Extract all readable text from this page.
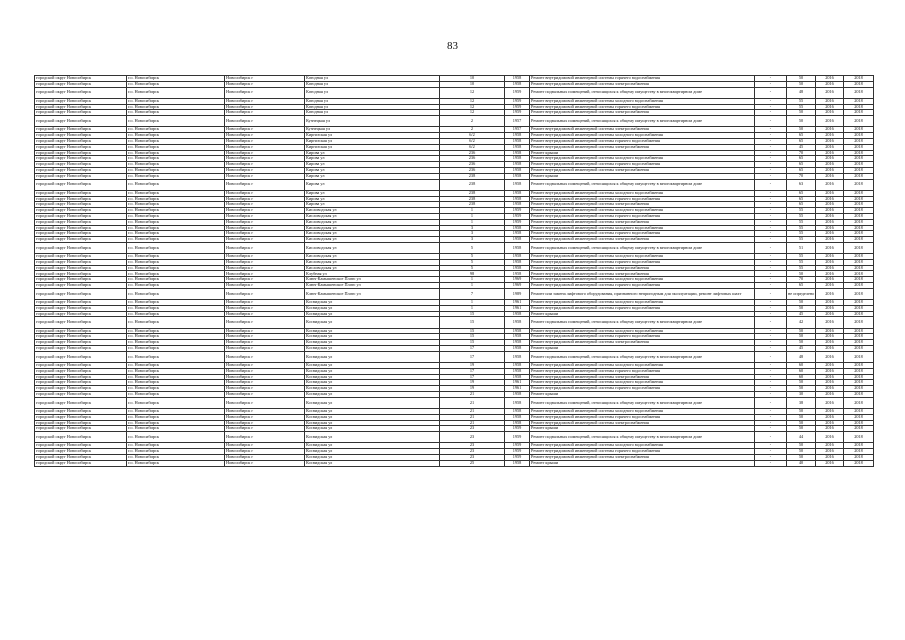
83
городской округ Новосибирск	г.о. Новосибирск	Новосибирск г	Катодная ул	10	1958	Ремонт внутридомовой инженерной системы горячего водоснабжения	-	50	2016	2018
городской округ Новосибирск	г.о. Новосибирск	Новосибирск г	Катодная ул	10	1958	Ремонт внутридомовой инженерной системы электроснабжения	-	50	2016	2018
городской округ Новосибирск	г.о. Новосибирск	Новосибирск г	Катодная ул	12	1959	Ремонт подвальных помещений, относящихся к общему имуществу в многоквартирном доме	-	48	2016	2018
городской округ Новосибирск	г.о. Новосибирск	Новосибирск г	Катодная ул	12	1959	Ремонт внутридомовой инженерной системы холодного водоснабжения	-	55	2016	2018
городской округ Новосибирск	г.о. Новосибирск	Новосибирск г	Катодная ул	12	1959	Ремонт внутридомовой инженерной системы горячего водоснабжения	-	55	2016	2018
городской округ Новосибирск	г.о. Новосибирск	Новосибирск г	Катодная ул	12	1959	Ремонт внутридомовой инженерной системы электроснабжения	-	50	2016	2018
городской округ Новосибирск	г.о. Новосибирск	Новосибирск г	Кузнецкая ул	2	1957	Ремонт подвальных помещений, относящихся к общему имуществу в многоквартирном доме	-	50	2016	2018
городской округ Новосибирск	г.о. Новосибирск	Новосибирск г	Кузнецкая ул	2	1957	Ремонт внутридомовой инженерной системы электроснабжения	-	50	2016	2018
городской округ Новосибирск	г.о. Новосибирск	Новосибирск г	Киргизская ул	6/2	1958	Ремонт внутридомовой инженерной системы холодного водоснабжения	-	65	2016	2018
городской округ Новосибирск	г.о. Новосибирск	Новосибирск г	Киргизская ул	6/2	1958	Ремонт внутридомовой инженерной системы горячего водоснабжения	-	65	2016	2018
городской округ Новосибирск	г.о. Новосибирск	Новосибирск г	Киргизская ул	6/2	1958	Ремонт внутридомовой инженерной системы электроснабжения	-	45	2016	2018
городской округ Новосибирск	г.о. Новосибирск	Новосибирск г	Кирова ул	236	1958	Ремонт крыши	-	70	2016	2018
городской округ Новосибирск	г.о. Новосибирск	Новосибирск г	Кирова ул	236	1958	Ремонт внутридомовой инженерной системы холодного водоснабжения	-	65	2016	2018
городской округ Новосибирск	г.о. Новосибирск	Новосибирск г	Кирова ул	236	1958	Ремонт внутридомовой инженерной системы горячего водоснабжения	-	65	2016	2018
городской округ Новосибирск	г.о. Новосибирск	Новосибирск г	Кирова ул	236	1958	Ремонт внутридомовой инженерной системы электроснабжения	-	65	2016	2018
городской округ Новосибирск	г.о. Новосибирск	Новосибирск г	Кирова ул	238	1958	Ремонт крыши	-	70	2016	2018
городской округ Новосибирск	г.о. Новосибирск	Новосибирск г	Кирова ул	238	1958	Ремонт подвальных помещений, относящихся к общему имуществу в многоквартирном доме	-	63	2016	2018
городской округ Новосибирск	г.о. Новосибирск	Новосибирск г	Кирова ул	238	1958	Ремонт внутридомовой инженерной системы холодного водоснабжения	-	65	2016	2018
городской округ Новосибирск	г.о. Новосибирск	Новосибирск г	Кирова ул	238	1958	Ремонт внутридомовой инженерной системы горячего водоснабжения	-	65	2016	2018
городской округ Новосибирск	г.о. Новосибирск	Новосибирск г	Кирова ул	238	1958	Ремонт внутридомовой инженерной системы электроснабжения	-	65	2016	2018
городской округ Новосибирск	г.о. Новосибирск	Новосибирск г	Кисловодская ул	1	1959	Ремонт внутридомовой инженерной системы холодного водоснабжения	-	55	2016	2018
городской округ Новосибирск	г.о. Новосибирск	Новосибирск г	Кисловодская ул	1	1959	Ремонт внутридомовой инженерной системы горячего водоснабжения	-	55	2016	2018
городской округ Новосибирск	г.о. Новосибирск	Новосибирск г	Кисловодская ул	1	1959	Ремонт внутридомовой инженерной системы электроснабжения	-	55	2016	2018
городской округ Новосибирск	г.о. Новосибирск	Новосибирск г	Кисловодская ул	3	1958	Ремонт внутридомовой инженерной системы холодного водоснабжения	-	55	2016	2018
городской округ Новосибирск	г.о. Новосибирск	Новосибирск г	Кисловодская ул	3	1958	Ремонт внутридомовой инженерной системы горячего водоснабжения	-	55	2016	2018
городской округ Новосибирск	г.о. Новосибирск	Новосибирск г	Кисловодская ул	3	1958	Ремонт внутридомовой инженерной системы электроснабжения	-	55	2016	2018
городской округ Новосибирск	г.о. Новосибирск	Новосибирск г	Кисловодская ул	5	1958	Ремонт подвальных помещений, относящихся к общему имуществу в многоквартирном доме	-	51	2016	2018
городской округ Новосибирск	г.о. Новосибирск	Новосибирск г	Кисловодская ул	5	1958	Ремонт внутридомовой инженерной системы холодного водоснабжения	-	55	2016	2018
городской округ Новосибирск	г.о. Новосибирск	Новосибирск г	Кисловодская ул	5	1958	Ремонт внутридомовой инженерной системы горячего водоснабжения	-	55	2016	2018
городской округ Новосибирск	г.о. Новосибирск	Новосибирск г	Кисловодская ул	5	1958	Ремонт внутридомовой инженерной системы электроснабжения	-	55	2016	2018
городской округ Новосибирск	г.о. Новосибирск	Новосибирск г	Клубная ул	98	1958	Ремонт внутридомовой инженерной системы электроснабжения	-	50	2016	2018
городской округ Новосибирск	г.о. Новосибирск	Новосибирск г	Ключ-Камышенское Плато ул	1	1969	Ремонт внутридомовой инженерной системы холодного водоснабжения	-	70	2016	2018
городской округ Новосибирск	г.о. Новосибирск	Новосибирск г	Ключ-Камышенское Плато ул	1	1969	Ремонт внутридомовой инженерной системы горячего водоснабжения	-	65	2016	2018
городской округ Новосибирск	г.о. Новосибирск	Новосибирск г	Ключ-Камышенское Плато ул	7	1989	Ремонт или замена лифтового оборудования, признанного непригодным для эксплуатации, ремонт лифтовых шахт	-	не определено	2016	2018
городской округ Новосибирск	г.о. Новосибирск	Новосибирск г	Косвидская ул	1	1961	Ремонт внутридомовой инженерной системы холодного водоснабжения	-	50	2016	2018
городской округ Новосибирск	г.о. Новосибирск	Новосибирск г	Косвидская ул	1	1961	Ремонт внутридомовой инженерной системы горячего водоснабжения	-	50	2016	2018
городской округ Новосибирск	г.о. Новосибирск	Новосибирск г	Косвидская ул	15	1958	Ремонт крыши	-	45	2016	2018
городской округ Новосибирск	г.о. Новосибирск	Новосибирск г	Косвидская ул	15	1958	Ремонт подвальных помещений, относящихся к общему имуществу в многоквартирном доме	-	42	2016	2018
городской округ Новосибирск	г.о. Новосибирск	Новосибирск г	Косвидская ул	15	1958	Ремонт внутридомовой инженерной системы холодного водоснабжения	-	50	2016	2018
городской округ Новосибирск	г.о. Новосибирск	Новосибирск г	Косвидская ул	15	1958	Ремонт внутридомовой инженерной системы горячего водоснабжения	-	50	2016	2018
городской округ Новосибирск	г.о. Новосибирск	Новосибирск г	Косвидская ул	15	1958	Ремонт внутридомовой инженерной системы электроснабжения	-	50	2016	2018
городской округ Новосибирск	г.о. Новосибирск	Новосибирск г	Косвидская ул	17	1958	Ремонт крыши	-	45	2016	2018
городской округ Новосибирск	г.о. Новосибирск	Новосибирск г	Косвидская ул	17	1958	Ремонт подвальных помещений, относящихся к общему имуществу в многоквартирном доме	-	48	2016	2018
городской округ Новосибирск	г.о. Новосибирск	Новосибирск г	Косвидская ул	19	1958	Ремонт внутридомовой инженерной системы холодного водоснабжения	-	60	2016	2018
городской округ Новосибирск	г.о. Новосибирск	Новосибирск г	Косвидская ул	17	1958	Ремонт внутридомовой инженерной системы горячего водоснабжения	-	60	2016	2018
городской округ Новосибирск	г.о. Новосибирск	Новосибирск г	Косвидская ул	17	1958	Ремонт внутридомовой инженерной системы электроснабжения	-	60	2016	2018
городской округ Новосибирск	г.о. Новосибирск	Новосибирск г	Косвидская ул	19	1961	Ремонт внутридомовой инженерной системы холодного водоснабжения	-	50	2016	2018
городской округ Новосибирск	г.о. Новосибирск	Новосибирск г	Косвидская ул	19	1961	Ремонт внутридомовой инженерной системы горячего водоснабжения	-	50	2016	2018
городской округ Новосибирск	г.о. Новосибирск	Новосибирск г	Косвидская ул	21	1958	Ремонт крыши	-	30	2016	2018
городской округ Новосибирск	г.о. Новосибирск	Новосибирск г	Косвидская ул	21	1958	Ремонт подвальных помещений, относящихся к общему имуществу в многоквартирном доме	-	38	2016	2018
городской округ Новосибирск	г.о. Новосибирск	Новосибирск г	Косвидская ул	21	1958	Ремонт внутридомовой инженерной системы холодного водоснабжения	-	50	2016	2018
городской округ Новосибирск	г.о. Новосибирск	Новосибирск г	Косвидская ул	21	1958	Ремонт внутридомовой инженерной системы горячего водоснабжения	-	50	2016	2018
городской округ Новосибирск	г.о. Новосибирск	Новосибирск г	Косвидская ул	21	1958	Ремонт внутридомовой инженерной системы электроснабжения	-	50	2016	2018
городской округ Новосибирск	г.о. Новосибирск	Новосибирск г	Косвидская ул	23	1959	Ремонт крыши	-	50	2016	2018
городской округ Новосибирск	г.о. Новосибирск	Новосибирск г	Косвидская ул	23	1959	Ремонт подвальных помещений, относящихся к общему имуществу в многоквартирном доме	-	44	2016	2018
городской округ Новосибирск	г.о. Новосибирск	Новосибирск г	Косвидская ул	23	1959	Ремонт внутридомовой инженерной системы холодного водоснабжения	-	50	2016	2018
городской округ Новосибирск	г.о. Новосибирск	Новосибирск г	Косвидская ул	23	1959	Ремонт внутридомовой инженерной системы горячего водоснабжения	-	50	2016	2018
городской округ Новосибирск	г.о. Новосибирск	Новосибирск г	Косвидская ул	23	1959	Ремонт внутридомовой инженерной системы электроснабжения	-	50	2016	2018
городской округ Новосибирск	г.о. Новосибирск	Новосибирск г	Косвидская ул	25	1958	Ремонт крыши	-	40	2016	2018
